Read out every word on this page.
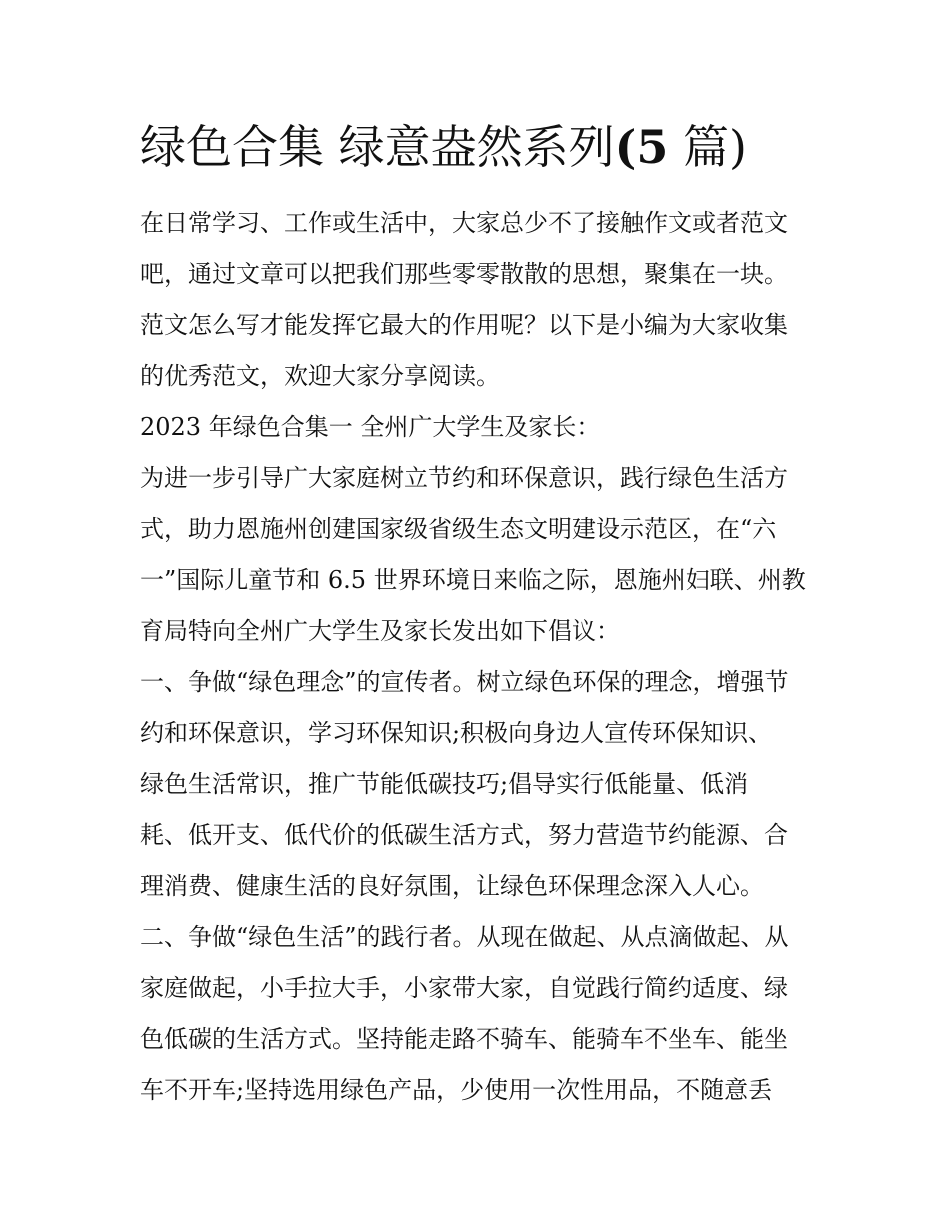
绿色合集 绿意盎然系列(5 篇)
在日常学习、工作或生活中，大家总少不了接触作文或者范文
吧，通过文章可以把我们那些零零散散的思想，聚集在一块。
范文怎么写才能发挥它最大的作用呢？以下是小编为大家收集
的优秀范文，欢迎大家分享阅读。
2023 年绿色合集一 全州广大学生及家长：
为进一步引导广大家庭树立节约和环保意识，践行绿色生活方
式，助力恩施州创建国家级省级生态文明建设示范区，在“六
一”国际儿童节和 6.5 世界环境日来临之际，恩施州妇联、州教
育局特向全州广大学生及家长发出如下倡议：
一、争做“绿色理念”的宣传者。树立绿色环保的理念，增强节
约和环保意识，学习环保知识;积极向身边人宣传环保知识、
绿色生活常识，推广节能低碳技巧;倡导实行低能量、低消
耗、低开支、低代价的低碳生活方式，努力营造节约能源、合
理消费、健康生活的良好氛围，让绿色环保理念深入人心。
二、争做“绿色生活”的践行者。从现在做起、从点滴做起、从
家庭做起，小手拉大手，小家带大家，自觉践行简约适度、绿
色低碳的生活方式。坚持能走路不骑车、能骑车不坐车、能坐
车不开车;坚持选用绿色产品，少使用一次性用品，不随意丢
